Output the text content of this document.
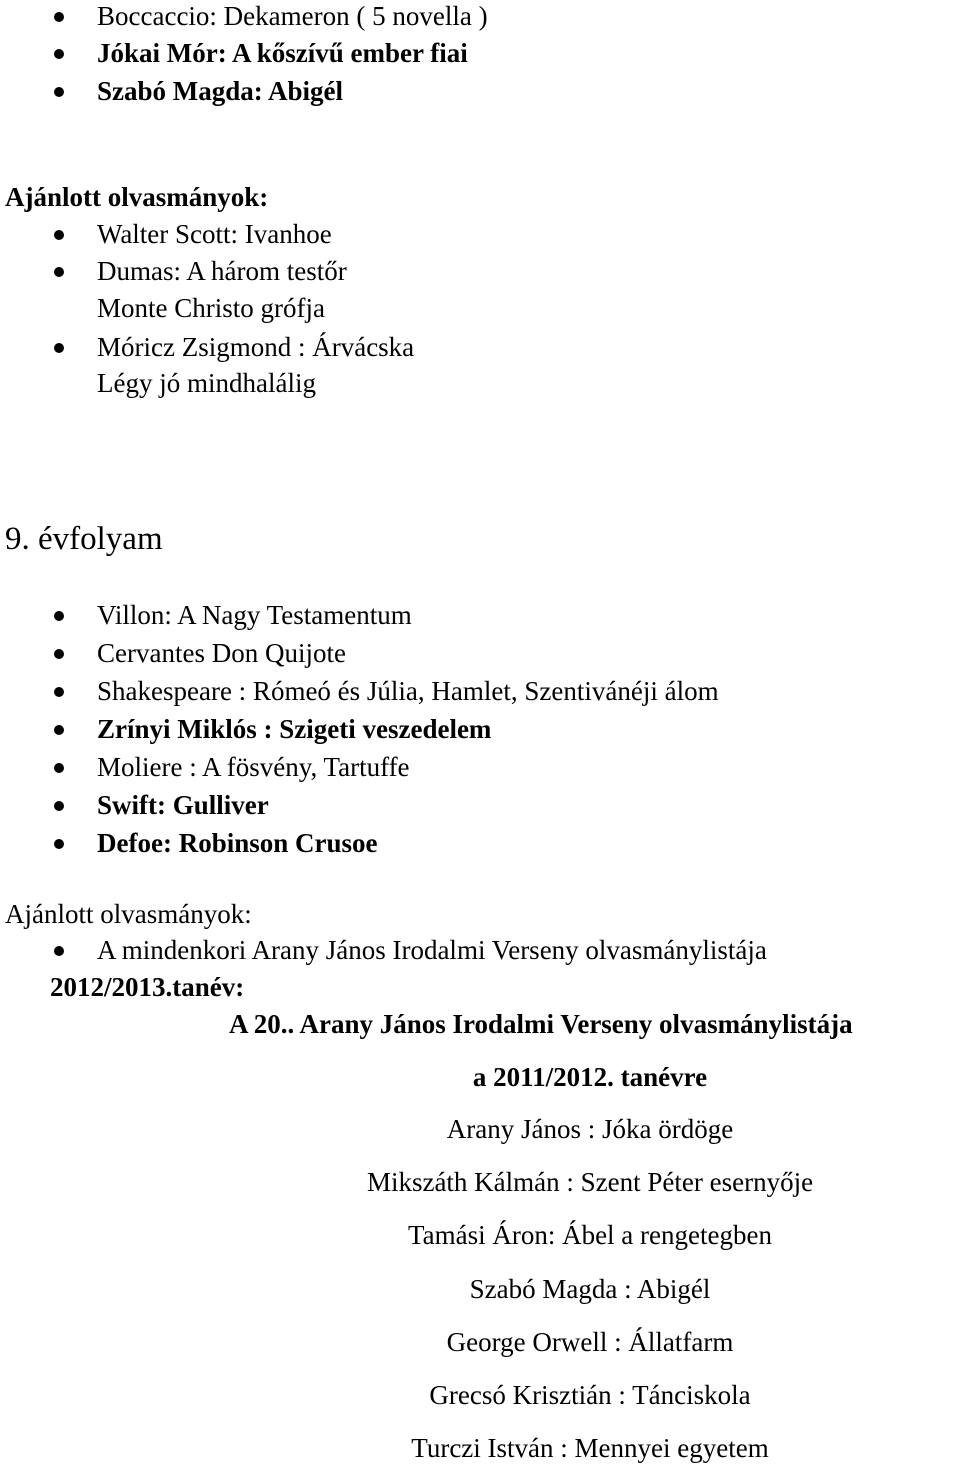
Boccaccio: Dekameron ( 5 novella )
Jókai Mór: A kőszívű ember fiai
Szabó Magda: Abigél
Ajánlott olvasmányok:
Walter Scott: Ivanhoe
Dumas: A három testőr
Monte Christo grófja
Móricz Zsigmond : Árvácska
Légy jó mindhalálig
9. évfolyam
Villon: A Nagy Testamentum
Cervantes Don Quijote
Shakespeare : Rómeó és Júlia, Hamlet, Szentivánéji álom
Zrínyi Miklós : Szigeti veszedelem
Moliere : A fösvény, Tartuffe
Swift: Gulliver
Defoe: Robinson Crusoe
Ajánlott olvasmányok:
A mindenkori Arany János Irodalmi Verseny olvasmánylistája
2012/2013.tanév:
A 20.. Arany János Irodalmi Verseny olvasmánylistája
a 2011/2012. tanévre
Arany János : Jóka ördöge
Mikszáth Kálmán : Szent Péter esernyője
Tamási Áron: Ábel a rengetegben
Szabó Magda : Abigél
George Orwell : Állatfarm
Grecsó Krisztián : Tánciskola
Turczi István : Mennyei egyetem
